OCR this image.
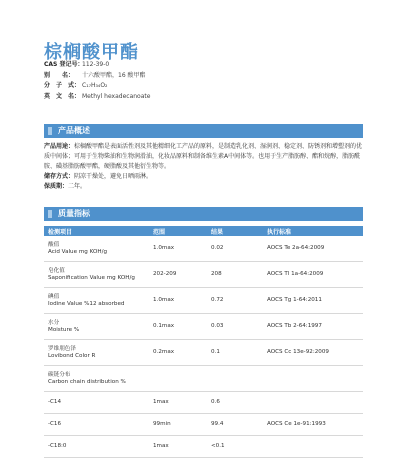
棕榈酸甲酯
CAS 登记号：
112-39-0
别　　名：	十六酸甲酯，16 酸甲酯
分　子　式： C₁₇H₃₄O₂
英　文　名： Methyl hexadecanoate
产品概述

产品用途：棕榈酸甲酯是表面活性剂及其他精细化工产品的原料，是制造乳化剂、湿润剂、稳定剂、防锈剂和增塑剂的优质中间体；可用于生物柴油和生物润滑油，化妆品原料和制备维生素A中间体等。也用于生产脂肪醇、酯和烷醇，脂肪酰胺、磺基脂肪酸甲酯，硬脂酸及其他衍生物等。

储存方式：阴凉干燥处，避免日晒雨淋。

保质期：二年。

质量指标
检测项目	范围	结果	执行标准

酸值
Acid Value mg KOH/g	1.0max	0.02	AOCS Te 2a-64:2009

皂化值
Saponification Value mg KOH/g	202-209	208	AOCS Tl 1a-64:2009

碘值
Iodine Value %12 absorbed	1.0max	0.72	AOCS Tg 1-64:2011

水分
Moisture %	0.1max	0.03	AOCS Tb 2-64:1997

罗维朋色泽
Lovibond Color R	0.2max	0.1	AOCS Cc 13e-92:2009

碳链分布
Carbon chain distribution %			

-C14	1max	0.6	

-C16	99min	99.4	AOCS Ce 1e-91:1993

-C18:0	1max	<0.1	
